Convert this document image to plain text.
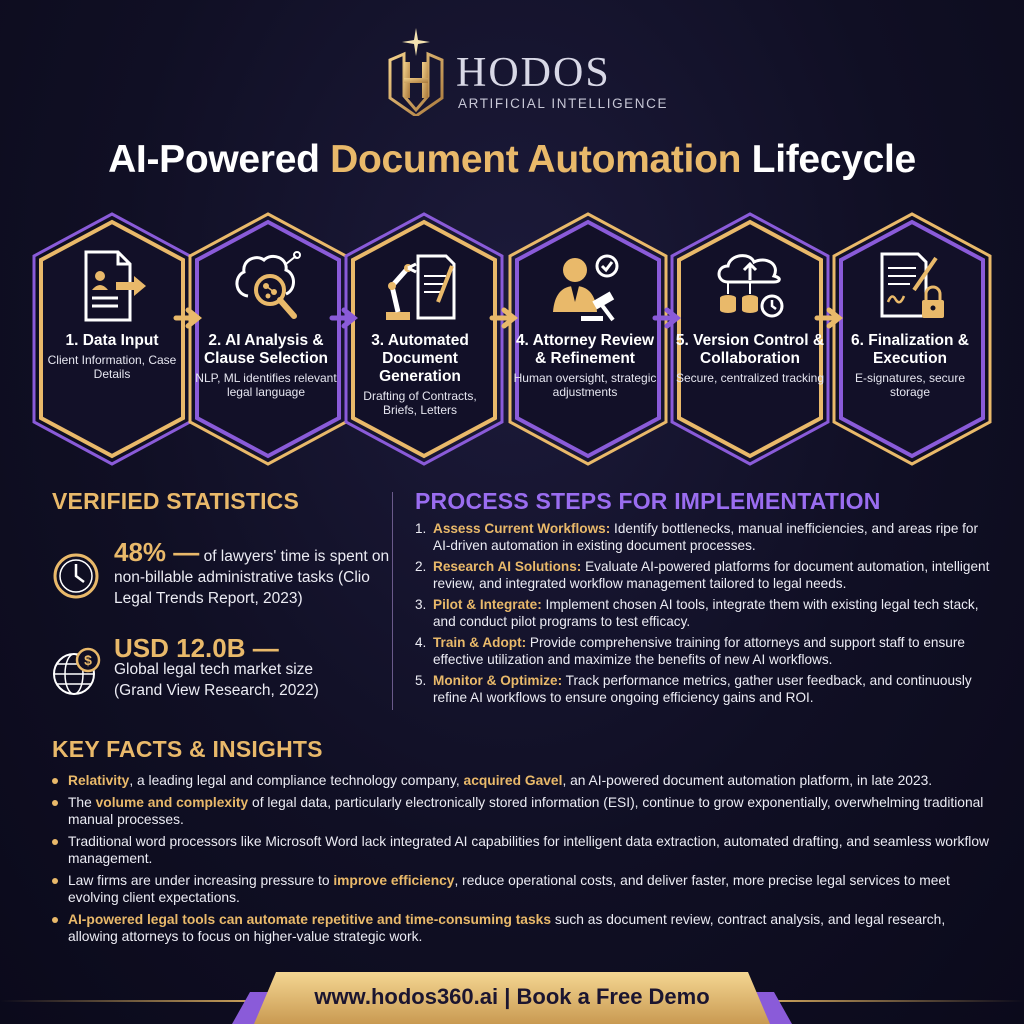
HODOS
ARTIFICIAL INTELLIGENCE
AI-Powered Document Automation Lifecycle
1. Data Input
Client Information, Case Details
2. AI Analysis & Clause Selection
NLP, ML identifies relevant legal language
3. Automated Document Generation
Drafting of Contracts, Briefs, Letters
4. Attorney Review & Refinement
Human oversight, strategic adjustments
5. Version Control & Collaboration
Secure, centralized tracking
6. Finalization & Execution
E-signatures, secure storage
VERIFIED STATISTICS
48% — of lawyers' time is spent on non-billable administrative tasks (Clio Legal Trends Report, 2023)
$ USD 12.0B —
Global legal tech market size (Grand View Research, 2022)
PROCESS STEPS FOR IMPLEMENTATION
1. Assess Current Workflows: Identify bottlenecks, manual inefficiencies, and areas ripe for AI-driven automation in existing document processes.
2. Research AI Solutions: Evaluate AI-powered platforms for document automation, intelligent review, and integrated workflow management tailored to legal needs.
3. Pilot & Integrate: Implement chosen AI tools, integrate them with existing legal tech stack, and conduct pilot programs to test efficacy.
4. Train & Adopt: Provide comprehensive training for attorneys and support staff to ensure effective utilization and maximize the benefits of new AI workflows.
5. Monitor & Optimize: Track performance metrics, gather user feedback, and continuously refine AI workflows to ensure ongoing efficiency gains and ROI.
KEY FACTS & INSIGHTS
Relativity, a leading legal and compliance technology company, acquired Gavel, an AI-powered document automation platform, in late 2023.
The volume and complexity of legal data, particularly electronically stored information (ESI), continue to grow exponentially, overwhelming traditional manual processes.
Traditional word processors like Microsoft Word lack integrated AI capabilities for intelligent data extraction, automated drafting, and seamless workflow management.
Law firms are under increasing pressure to improve efficiency, reduce operational costs, and deliver faster, more precise legal services to meet evolving client expectations.
AI-powered legal tools can automate repetitive and time-consuming tasks such as document review, contract analysis, and legal research, allowing attorneys to focus on higher-value strategic work.
www.hodos360.ai | Book a Free Demo
